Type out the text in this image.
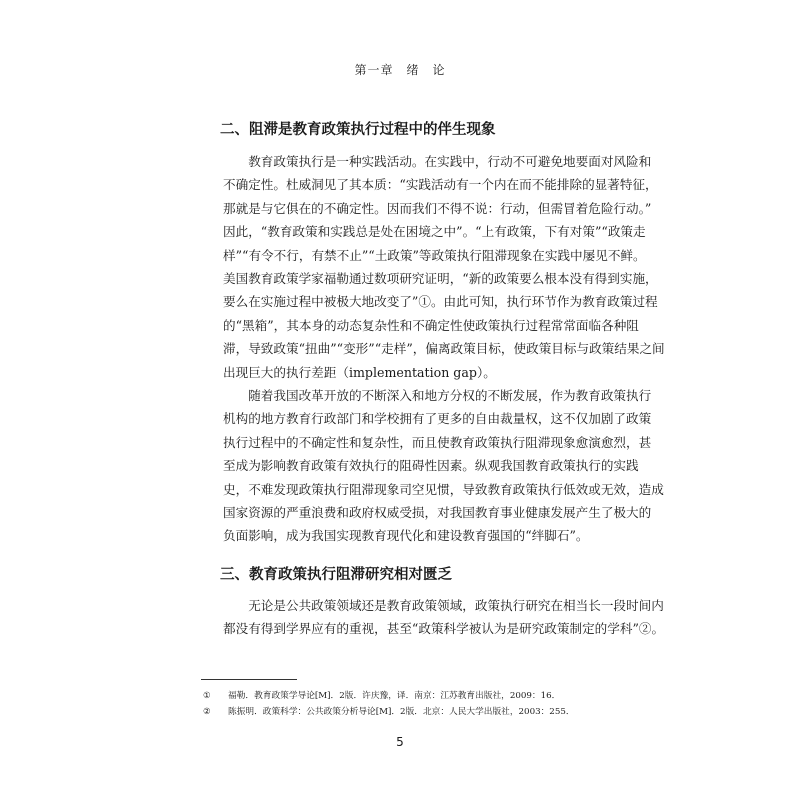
第一章　绪　论
二、阻滞是教育政策执行过程中的伴生现象
　　教育政策执行是一种实践活动。在实践中，行动不可避免地要面对风险和
不确定性。杜威洞见了其本质：“实践活动有一个内在而不能排除的显著特征，
那就是与它俱在的不确定性。因而我们不得不说：行动，但需冒着危险行动。”
因此，“教育政策和实践总是处在困境之中”。“上有政策，下有对策”“政策走
样”“有令不行，有禁不止”“土政策”等政策执行阻滞现象在实践中屡见不鲜。
美国教育政策学家福勒通过数项研究证明，“新的政策要么根本没有得到实施，
要么在实施过程中被极大地改变了”①。由此可知，执行环节作为教育政策过程
的“黑箱”，其本身的动态复杂性和不确定性使政策执行过程常常面临各种阻
滞，导致政策“扭曲”“变形”“走样”，偏离政策目标，使政策目标与政策结果之间
出现巨大的执行差距（implementation gap）。
　　随着我国改革开放的不断深入和地方分权的不断发展，作为教育政策执行
机构的地方教育行政部门和学校拥有了更多的自由裁量权，这不仅加剧了政策
执行过程中的不确定性和复杂性，而且使教育政策执行阻滞现象愈演愈烈，甚
至成为影响教育政策有效执行的阻碍性因素。纵观我国教育政策执行的实践
史，不难发现政策执行阻滞现象司空见惯，导致教育政策执行低效或无效，造成
国家资源的严重浪费和政府权威受损，对我国教育事业健康发展产生了极大的
负面影响，成为我国实现教育现代化和建设教育强国的“绊脚石”。
三、教育政策执行阻滞研究相对匮乏
　　无论是公共政策领域还是教育政策领域，政策执行研究在相当长一段时间内
都没有得到学界应有的重视，甚至“政策科学被认为是研究政策制定的学科”②。
① 福勒．教育政策学导论[M]．2版．许庆豫，译．南京：江苏教育出版社，2009：16．
② 陈振明．政策科学：公共政策分析导论[M]．2版．北京：人民大学出版社，2003：255．
5
